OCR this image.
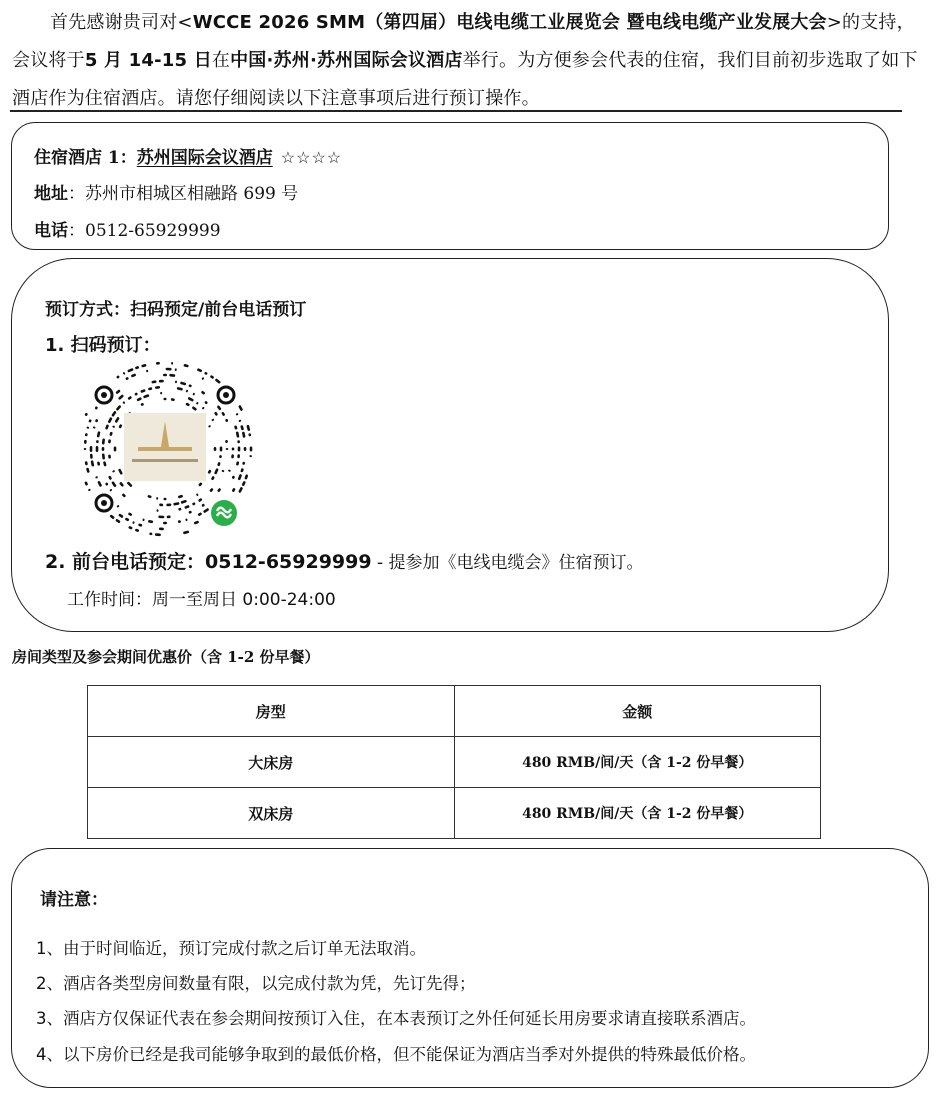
首先感谢贵司对<WCCE 2026 SMM（第四届）电线电缆工业展览会 暨电线电缆产业发展大会>的支持，会议将于5 月 14-15 日在中国·苏州·苏州国际会议酒店举行。为方便参会代表的住宿，我们目前初步选取了如下酒店作为住宿酒店。请您仔细阅读以下注意事项后进行预订操作。
住宿酒店 1：苏州国际会议酒店 ☆☆☆☆
地址：苏州市相城区相融路 699 号
电话：0512-65929999
预订方式：扫码预定/前台电话预订
1. 扫码预订：
2. 前台电话预定：0512-65929999 - 提参加《电线电缆会》住宿预订。
工作时间：周一至周日 0:00-24:00
房间类型及参会期间优惠价（含 1-2 份早餐）
房型	金额
大床房	480 RMB/间/天（含 1-2 份早餐）
双床房	480 RMB/间/天（含 1-2 份早餐）
请注意：
1、由于时间临近，预订完成付款之后订单无法取消。
2、酒店各类型房间数量有限，以完成付款为凭，先订先得；
3、酒店方仅保证代表在参会期间按预订入住，在本表预订之外任何延长用房要求请直接联系酒店。
4、以下房价已经是我司能够争取到的最低价格，但不能保证为酒店当季对外提供的特殊最低价格。
